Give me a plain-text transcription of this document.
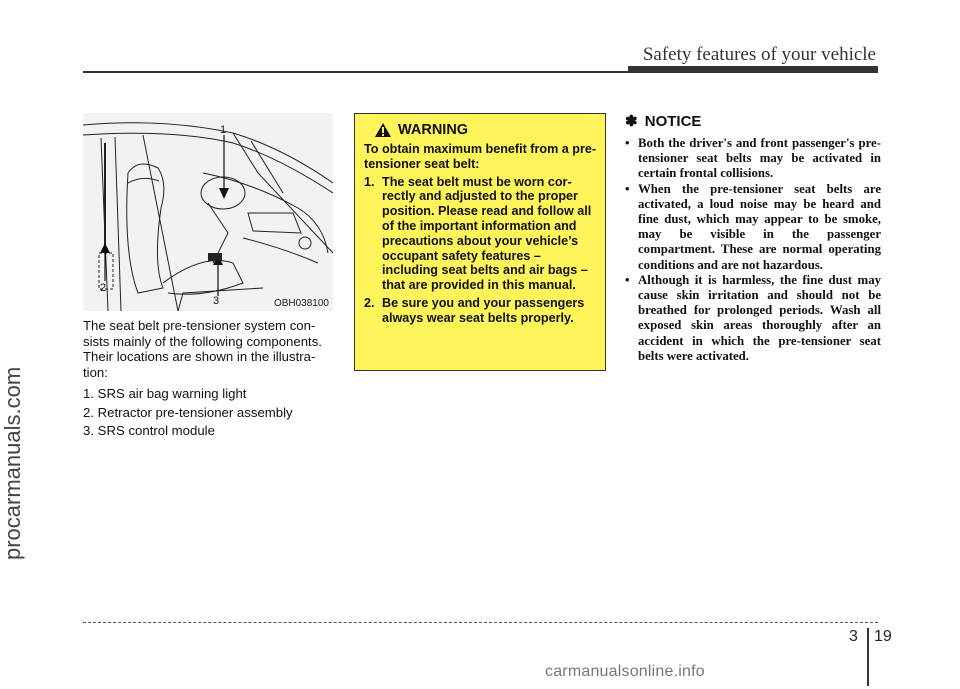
Safety features of your vehicle
procarmanuals.com
1
2
3	OBH038100

The seat belt pre-tensioner system consists mainly of the following components. Their locations are shown in the illustration:

1. SRS air bag warning light
2. Retractor pre-tensioner assembly
3. SRS control module
WARNING

To obtain maximum benefit from a pre-tensioner seat belt:

1. The seat belt must be worn correctly and adjusted to the proper position. Please read and follow all of the important information and precautions about your vehicle’s occupant safety features – including seat belts and air bags – that are provided in this manual.
2. Be sure you and your passengers always wear seat belts properly.
✽ NOTICE
• Both the driver's and front passenger's pre-tensioner seat belts may be activated in certain frontal collisions.
• When the pre-tensioner seat belts are activated, a loud noise may be heard and fine dust, which may appear to be smoke, may be visible in the passenger compartment. These are normal operating conditions and are not hazardous.
• Although it is harmless, the fine dust may cause skin irritation and should not be breathed for prolonged periods. Wash all exposed skin areas thoroughly after an accident in which the pre-tensioner seat belts were activated.
3 19
carmanualsonline.info
